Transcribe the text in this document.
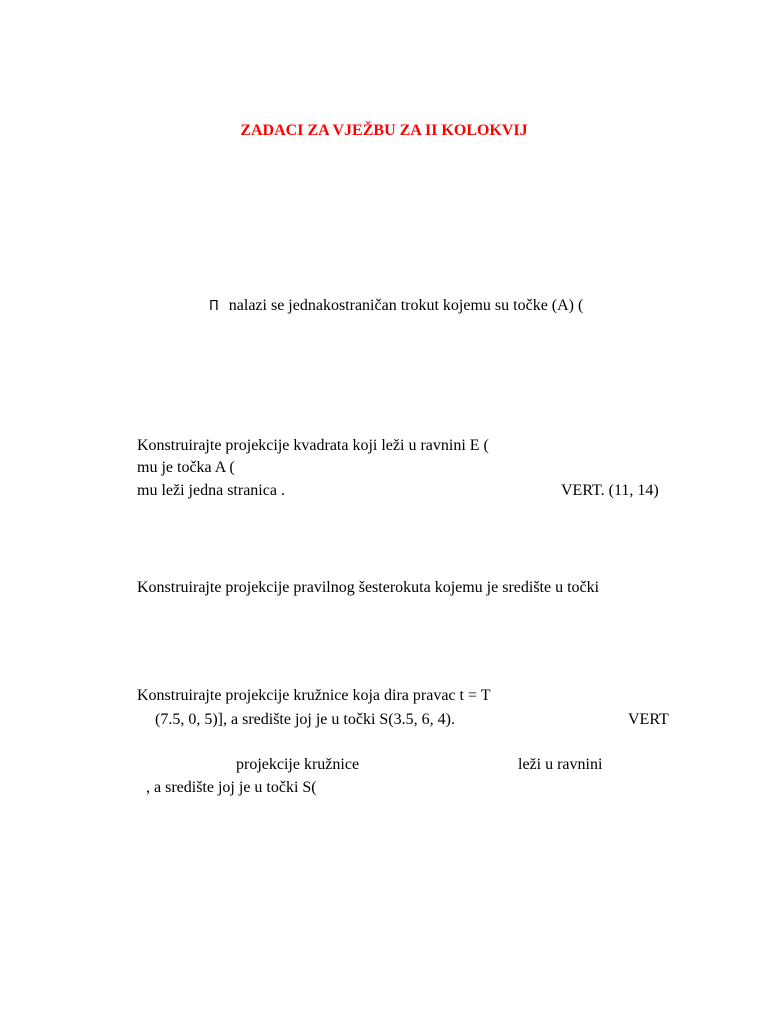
ZADACI ZA VJEŽBU ZA II KOLOKVIJ
Π nalazi se jednakostraničan trokut kojemu su točke (A) (
Konstruirajte projekcije kvadrata koji leži u ravnini E (
mu je točka A (
mu leži jedna stranica .	VERT. (11, 14)
Konstruirajte projekcije pravilnog šesterokuta kojemu je središte u točki
Konstruirajte projekcije kružnice koja dira pravac t = T
(7.5, 0, 5)], a središte joj je u točki S(3.5, 6, 4).	VERT
projekcije kružnice	leži u ravnini
, a središte joj je u točki S(
